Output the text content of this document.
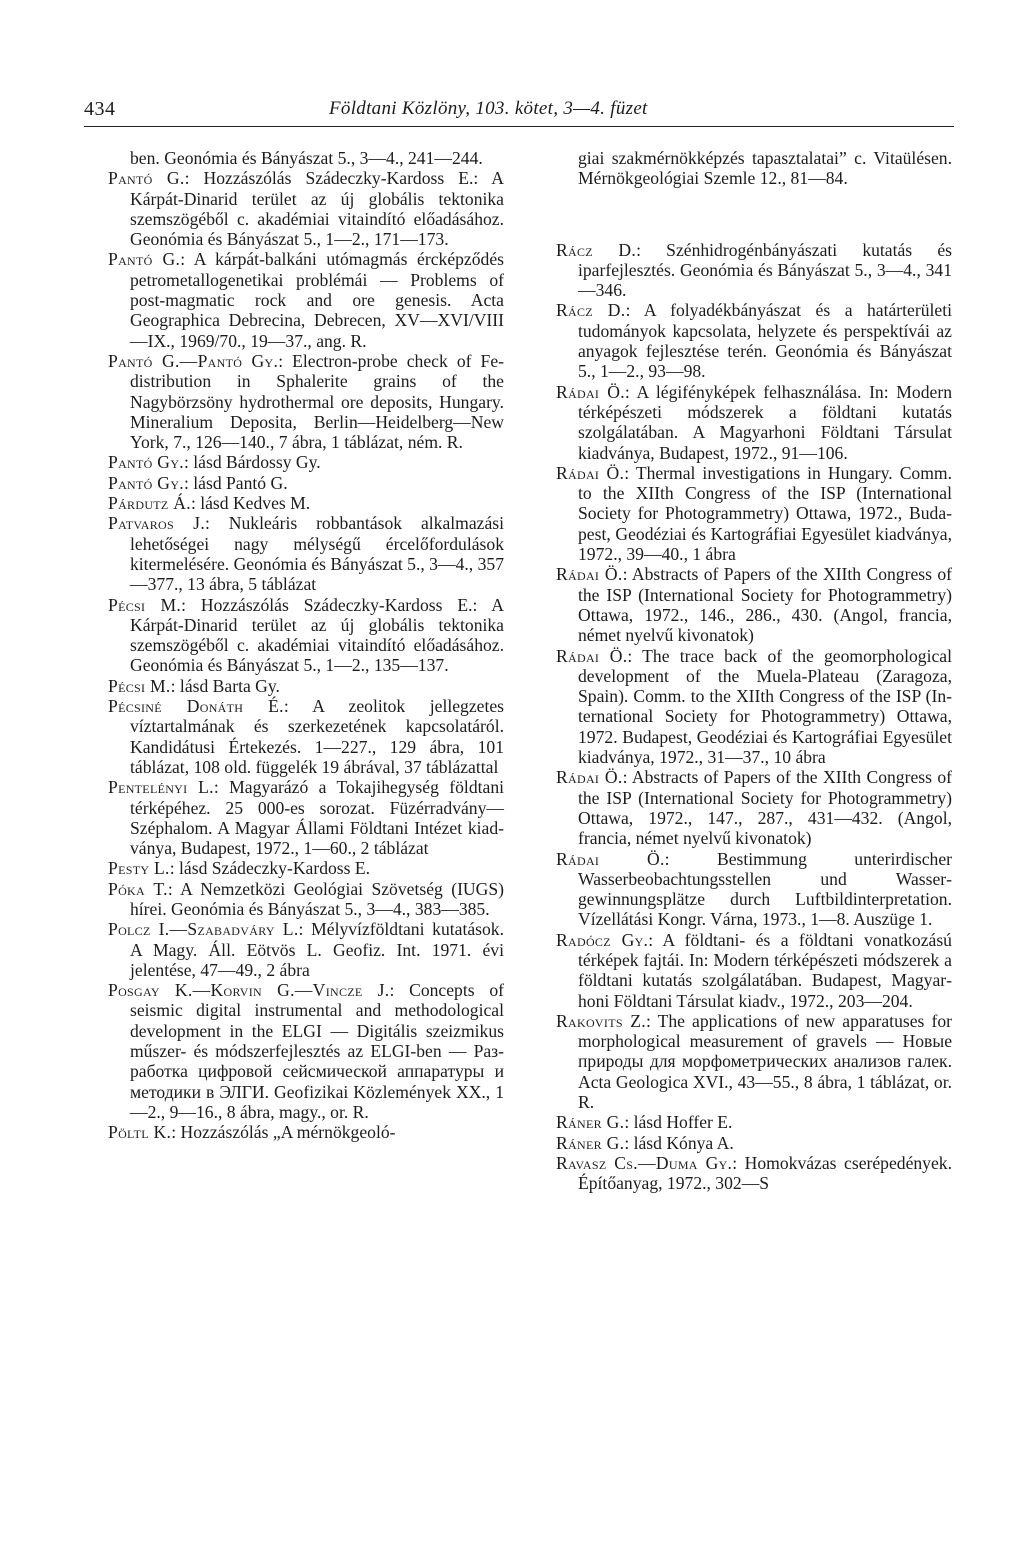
434	Földtani Közlöny, 103. kötet, 3—4. füzet

ben. Geonómia és Bányászat 5., 3—4., 241—244.

Pantó G.: Hozzászólás Szádeczky-Kardoss E.: A Kárpát-Dinarid terület az új globális tektonika szemszögéből c. akadémiai vitaindító előadásához. Geonómia és Bányászat 5., 1—2., 171—173.

Pantó G.: A kárpát-balkáni utómagmás ércképződés petrometallogenetikai problémái — Problems of post-magmatic rock and ore genesis. Acta Geographica Debrecina, Debrecen, XV—XVI/VIII—IX., 1969/70., 19—37., ang. R.

Pantó G.—Pantó Gy.: Electron-probe check of Fe-distribution in Sphalerite grains of the Nagybörzsöny hydrothermal ore deposits, Hungary. Mineralium Deposita, Berlin—Heidelberg—New York, 7., 126—140., 7 ábra, 1 táblázat, ném. R.

Pantó Gy.: lásd Bárdossy Gy.

Pantó Gy.: lásd Pantó G.

Párdutz Á.: lásd Kedves M.

Patvaros J.: Nukleáris robbantások alkalmazási lehetőségei nagy mélységű ércelőfordulások kitermelésére. Geonómia és Bányászat 5., 3—4., 357—377., 13 ábra, 5 táblázat

Pécsi M.: Hozzászólás Szádeczky-Kardoss E.: A Kárpát-Dinarid terület az új globális tektonika szemszögéből c. akadémiai vitaindító előadásához. Geonómia és Bányászat 5., 1—2., 135—137.

Pécsi M.: lásd Barta Gy.

Pécsiné Donáth É.: A zeolitok jellegzetes víztartalmának és szerkezetének kapcsolatáról. Kandidátusi Értekezés. 1—227., 129 ábra, 101 táblázat, 108 old. függelék 19 ábrával, 37 táblázattal

Pentelényi L.: Magyarázó a Tokajihegység földtani térképéhez. 25 000-es sorozat. Füzérradvány—Széphalom. A Magyar Állami Földtani Intézet kiadványa, Budapest, 1972., 1—60., 2 táblázat

Pesty L.: lásd Szádeczky-Kardoss E.

Póka T.: A Nemzetközi Geológiai Szövetség (IUGS) hírei. Geonómia és Bányászat 5., 3—4., 383—385.

Polcz I.—Szabadváry L.: Mélyvízföldtani kutatások. A Magy. Áll. Eötvös L. Geofiz. Int. 1971. évi jelentése, 47—49., 2 ábra

Posgay K.—Korvin G.—Vincze J.: Concepts of seismic digital instrumental and methodological development in the ELGI — Digitális szeizmikus műszer- és módszerfejlesztés az ELGI-ben — Разработка цифровой сейсмической аппаратуры и методики в ЭЛГИ. Geofizikai Közlemények XX., 1—2., 9—16., 8 ábra, magy., or. R.

Pöltl K.: Hozzászólás „A mérnökgeoló-

giai szakmérnökképzés tapasztalatai” c. Vitaülésen. Mérnökgeológiai Szemle 12., 81—84.

Rácz D.: Szénhidrogénbányászati kutatás és iparfejlesztés. Geonómia és Bányászat 5., 3—4., 341—346.

Rácz D.: A folyadékbányászat és a határterületi tudományok kapcsolata, helyzete és perspektívái az anyagok fejlesztése terén. Geonómia és Bányászat 5., 1—2., 93—98.

Rádai Ö.: A légifényképek felhasználása. In: Modern térképészeti módszerek a földtani kutatás szolgálatában. A Magyarhoni Földtani Társulat kiadványa, Budapest, 1972., 91—106.

Rádai Ö.: Thermal investigations in Hungary. Comm. to the XIIth Congress of the ISP (International Society for Photogrammetry) Ottawa, 1972., Budapest, Geodéziai és Kartográfiai Egyesület kiadványa, 1972., 39—40., 1 ábra

Rádai Ö.: Abstracts of Papers of the XIIth Congress of the ISP (International Society for Photogrammetry) Ottawa, 1972., 146., 286., 430. (Angol, francia, német nyelvű kivonatok)

Rádai Ö.: The trace back of the geomorphological development of the Muela-Plateau (Zaragoza, Spain). Comm. to the XIIth Congress of the ISP (International Society for Photogrammetry) Ottawa, 1972. Budapest, Geodéziai és Kartográfiai Egyesület kiadványa, 1972., 31—37., 10 ábra

Rádai Ö.: Abstracts of Papers of the XIIth Congress of the ISP (International Society for Photogrammetry) Ottawa, 1972., 147., 287., 431—432. (Angol, francia, német nyelvű kivonatok)

Rádai Ö.: Bestimmung unterirdischer Wasserbeobachtungsstellen und Wassergewinnungsplätze durch Luftbildinterpretation. Vízellátási Kongr. Várna, 1973., 1—8. Auszüge 1.

Radócz Gy.: A földtani- és a földtani vonatkozású térképek fajtái. In: Modern térképészeti módszerek a földtani kutatás szolgálatában. Budapest, Magyarhoni Földtani Társulat kiadv., 1972., 203—204.

Rakovits Z.: The applications of new apparatuses for morphological measurement of gravels — Новые природы для морфометрических анализов галек. Acta Geologica XVI., 43—55., 8 ábra, 1 táblázat, or. R.

Ráner G.: lásd Hoffer E.

Ráner G.: lásd Kónya A.

Ravasz Cs.—Duma Gy.: Homokvázas cserépedények. Építőanyag, 1972., 302—S
